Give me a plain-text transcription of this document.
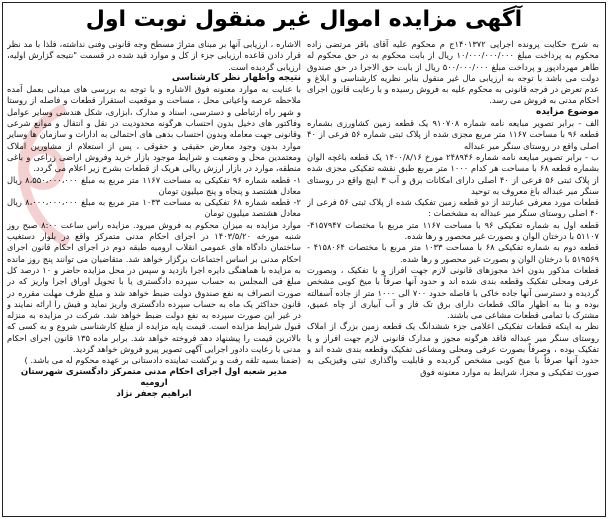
آگهی مزایده اموال غیر منقول نوبت اول

به شرح حکایت پرونده اجرایی ۱۴۰۱۳۷۲ج م محکوم علیه آقای باقر مرتضی زاده محکوم به پرداخت مبلغ ۱۰/۰۰۰/۰۰۰/۰۰۰ ریال از بابت محکوم به در حق محکوم له طاهر مهردادپور و پرداخت مبلغ ۵۰۰/۰۰۰/۰۰۰ ریال از بابت حق الاجرا در حق صندوق دولت می باشد با توجه به ارزیابی مال غیر منقول بنابر نظریه کارشناسی و ابلاغ و عدم تعرض در فرجه قانونی به محکوم علیه به فروش رسیده و با رعایت قانون اجرای احکام مدنی به فروش می رسد.

موضوع مزایده

الف - برابر تصویر مبایعه نامه شماره ۹۱۰۷۰۸ یک قطعه زمین کشاورزی بشماره قطعه ۹۶ با مساحت ۱۱۶۷ متر مربع مجزی شده از پلاک ثبتی شماره ۵۶ فرعی از ۴۰ اصلی واقع در روستای سنگر میر عبداله

ب - برابر تصویر مبایعه نامه شماره ۲۴۸۹۴۶ مورخ ۱۴۰۰/۸/۱۶ یک قطعه باغچه الوان بشماره قطعه ۶۸ با مساحت هر کدام ۱۰۰۰ متر مربع طبق نقشه تفکیکی مجزی شده از پلاک ثبتی ۵۶ فرعی از ۴۰ اصلی دارای امکانات برق و آب ۳ اینچ واقع در روستای سنگر میر عبداله باغ معروف به توحید

قطعات مورد معرفی عبارتند از دو قطعه زمین تفکیک شده از پلاک ثبتی ۵۶ فرعی از ۴۰ اصلی روستای سنگر میر عبداله به مشخصات :

قطعه اول به شماره تفکیکی ۹۶ با مساحت ۱۱۶۷ متر مربع با مختصات ۴۱۵۷۹۴۷- ۵۱۱۰۷ با درختان الوان و بصورت غیر محصور و رها شده.

قطعه دوم به شماره تفکیکی ۶۸ با مساحت ۱۰۳۳ متر مربع با مختصات ۴۱۵۸۰۶۴ - ۵۱۹۵۶۹ با درختان الوان و بصورت غیر محصور و رها شده.

قطعات مذکور بدون اخذ مجوزهای قانونی لازم جهت افراز و یا تفکیک ، وبصورت عرفی ومحلی تفکیک وقطعه بندی شده اند و حدود آنها صرفاً با میخ کوبی مشخص گردیده و دسترسی آنها جاده خاکی با فاصله حدود ۷۰۰ الی ۱۰۰۰ متر از جاده آسفالته بوده و بنا به اظهار مالک قطعات دارای برق تک فاز و آب آبیاری از چاه عمیق، مشترک با تمامی قطعات مشاعی می باشند.

نظر به اینکه قطعات تفکیکی اعلامی جزء ششدانگ یک قطعه زمین بزرگ از املاک روستای سنگر میر عبداله فاقد هرگونه مجوز و مدارک قانونی لازم جهت افراز و یا تفکیک بوده ، وصرفاً بصورت عرفی ومحلی ومشاعی تفکیک وقطعه بندی شده اند و حدود آنها صرفاً با میخ کوبی مشخص گردیده و قابلیت واگذاری ثبتی وفیزیکی به صورت تفکیکی و مجزا، شرایط به موارد معنونه فوق

الاشاره ، ارزیابی آنها بر مبنای متراژ مسطح وجه قانونی وفنی نداشته، فلذا با مد نظر قرار دادن قاعده ارزیابی جزء از کل و موارد قید شده در قسمت "نتیجه گزارش اولیه، ارزیابی گردیده است.

نتیجه واظهار نظر کارشناسی

با عنایت به موارد معنونه فوق الاشاره و با توجه به بررسی های میدانی بعمل آمده ملاحظه عرصه واعیانی محل ، مساحت و موقعیت استقرار قطعات و فاصله از روستا و شهر راه ارتباطی و دسترسی، اسناد و مدارک ،ابزاری، شکل هندسی وسایر عوامل وفاکتور های دخیل بدون احتساب هرگونه محدودیت در نقل و انتقال و موانع شرعی وقانونی جهت معامله وبدون احتساب بدهی های احتمالی به ادارات و سازمان ها وسایر موارد بدون وجود معارض حقیقی و حقوقی ، پس از استعلام از مشاورین املاک ومعتمدین محل و وضعیت و شرایط موجود بازار خرید وفروش اراضی زراعی و باغی منطقه، موارد در بازار ارزش ریالی هریک از قطعات بشرح زیر اعلام می گردد.

۱- قطعه شماره ۹۶ تفکیکی به مساحت ۱۱۶۷ متر مربع به مبلغ ۸،۵۵۰،۰۰۰،۰۰۰ ریال معادل هشتصد و پنجاه و پنج میلیون تومان

۲- قطعه شماره ۶۸ تفکیکی به مساحت ۱۰۳۳ متر مربع به مبلغ ۸،۰۰۰،۰۰۰،۰۰۰ ریال معادل هشتصد میلیون تومان

موارد مزایده به میزان محکوم به فروش میرود. مزایده راس ساعت ۸:۰۰ صبح روز شنبه مورخه ۱۴۰۳/۵/۲۰ در اجرای احکام مدنی متمرکز واقع در بلوار دستغیب ساختمان دادگاه های عمومی انقلاب ارومیه طبقه دوم در اجرای احکام قانون اجرای احکام مدنی بر اساس اجتماعات برگزار خواهد شد. متقاضیان می توانند پنج روز مانده به مزایده با هماهنگی دایره اجرا بازدید و سپس در محل مزایده حاضر و ۱۰ درصد کل مبلغ فی المجلس به حساب سپرده دادگستری یا با تحویل اوراق اجرا واریز که در صورت انصراف به نفع صندوق دولت ضبط خواهد شد و مبلغ ظرف مهلت مقرره در قانون حداکثر یک ماه به حساب سپرده دادگستری واریز نماید و فیش را ارائه نمایند و در غیر این صورت سپرده به نفع دولت ضبط خواهد شد. شرکت در مزایده به منزله قبول شرایط مزایده است. قیمت پایه مزایده از مبلغ کارشناسی شروع و به کسی که بالاترین قیمت را پیشنهاد دهد فروخته خواهد شد. برابر ماده ۱۳۵ قانون اجرای احکام مدنی با رعایت دادور اجرایی آگهی تصویر پیرو فروش خواهد گردید.

(ضمنا بسیه تلقه رفت و برگشت تماینده دادستانی بر عهده محکوم له می باشد. )

مدیر شعبه اول اجرای احکام مدنی متمرکز دادگستری شهرستان ارومیه

ابراهیم جعفر نژاد
